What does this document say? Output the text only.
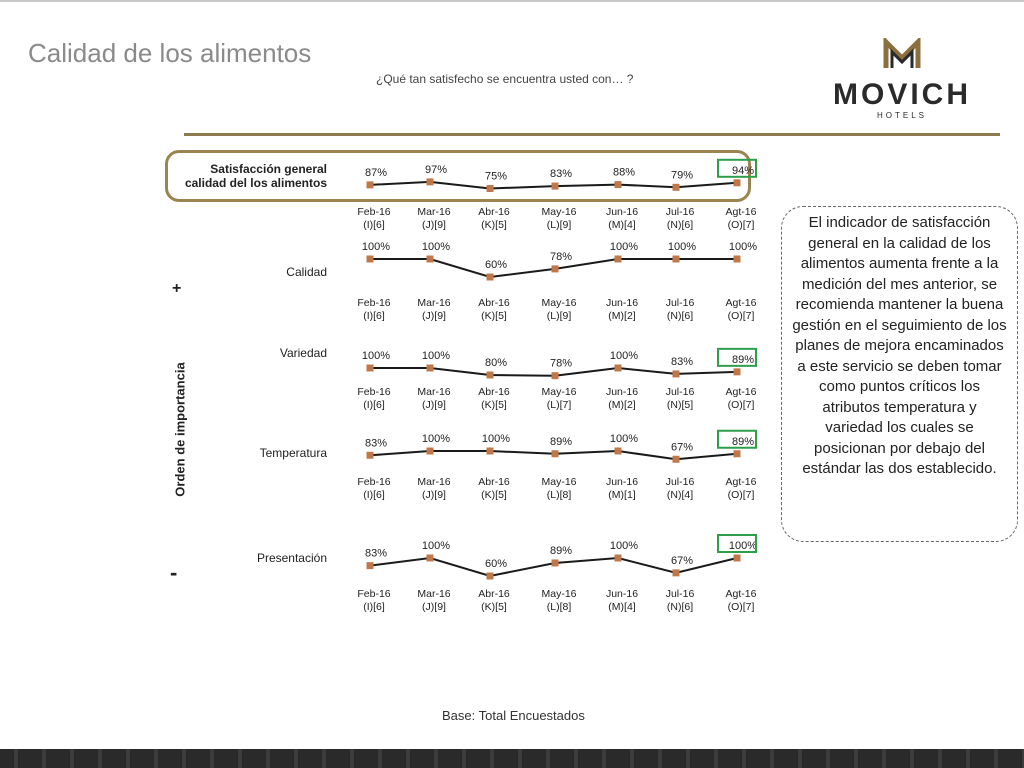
Calidad de los alimentos
¿Qué tan satisfecho se encuentra usted con… ?	MOVICH
HOTELS
Satisfacción general
calidad del los alimentos
Calidad
Variedad
Temperatura
Presentación
+
Orden de importancia
-
87%
Feb-16
(I)[6]
97%
Mar-16
(J)[9]
75%
Abr-16
(K)[5]
83%
May-16
(L)[9]
88%
Jun-16
(M)[4]
79%
Jul-16
(N)[6]
94%
Agt-16
(O)[7]
100%
Feb-16
(I)[6]
100%
Mar-16
(J)[9]
60%
Abr-16
(K)[5]
78%
May-16
(L)[9]
100%
Jun-16
(M)[2]
100%
Jul-16
(N)[6]
100%
Agt-16
(O)[7]
100%
Feb-16
(I)[6]
100%
Mar-16
(J)[9]
80%
Abr-16
(K)[5]
78%
May-16
(L)[7]
100%
Jun-16
(M)[2]
83%
Jul-16
(N)[5]
89%
Agt-16
(O)[7]
83%
Feb-16
(I)[6]
100%
Mar-16
(J)[9]
100%
Abr-16
(K)[5]
89%
May-16
(L)[8]
100%
Jun-16
(M)[1]
67%
Jul-16
(N)[4]
89%
Agt-16
(O)[7]
83%
Feb-16
(I)[6]
100%
Mar-16
(J)[9]
60%
Abr-16
(K)[5]
89%
May-16
(L)[8]
100%
Jun-16
(M)[4]
67%
Jul-16
(N)[6]
100%
Agt-16
(O)[7]
El indicador de satisfacción general en la calidad de los alimentos aumenta frente a la medición del mes anterior, se recomienda mantener la buena gestión en el seguimiento de los planes de mejora encaminados a este servicio se deben tomar como puntos críticos los atributos temperatura y variedad los cuales se posicionan por debajo del estándar las dos establecido.
Base: Total Encuestados
